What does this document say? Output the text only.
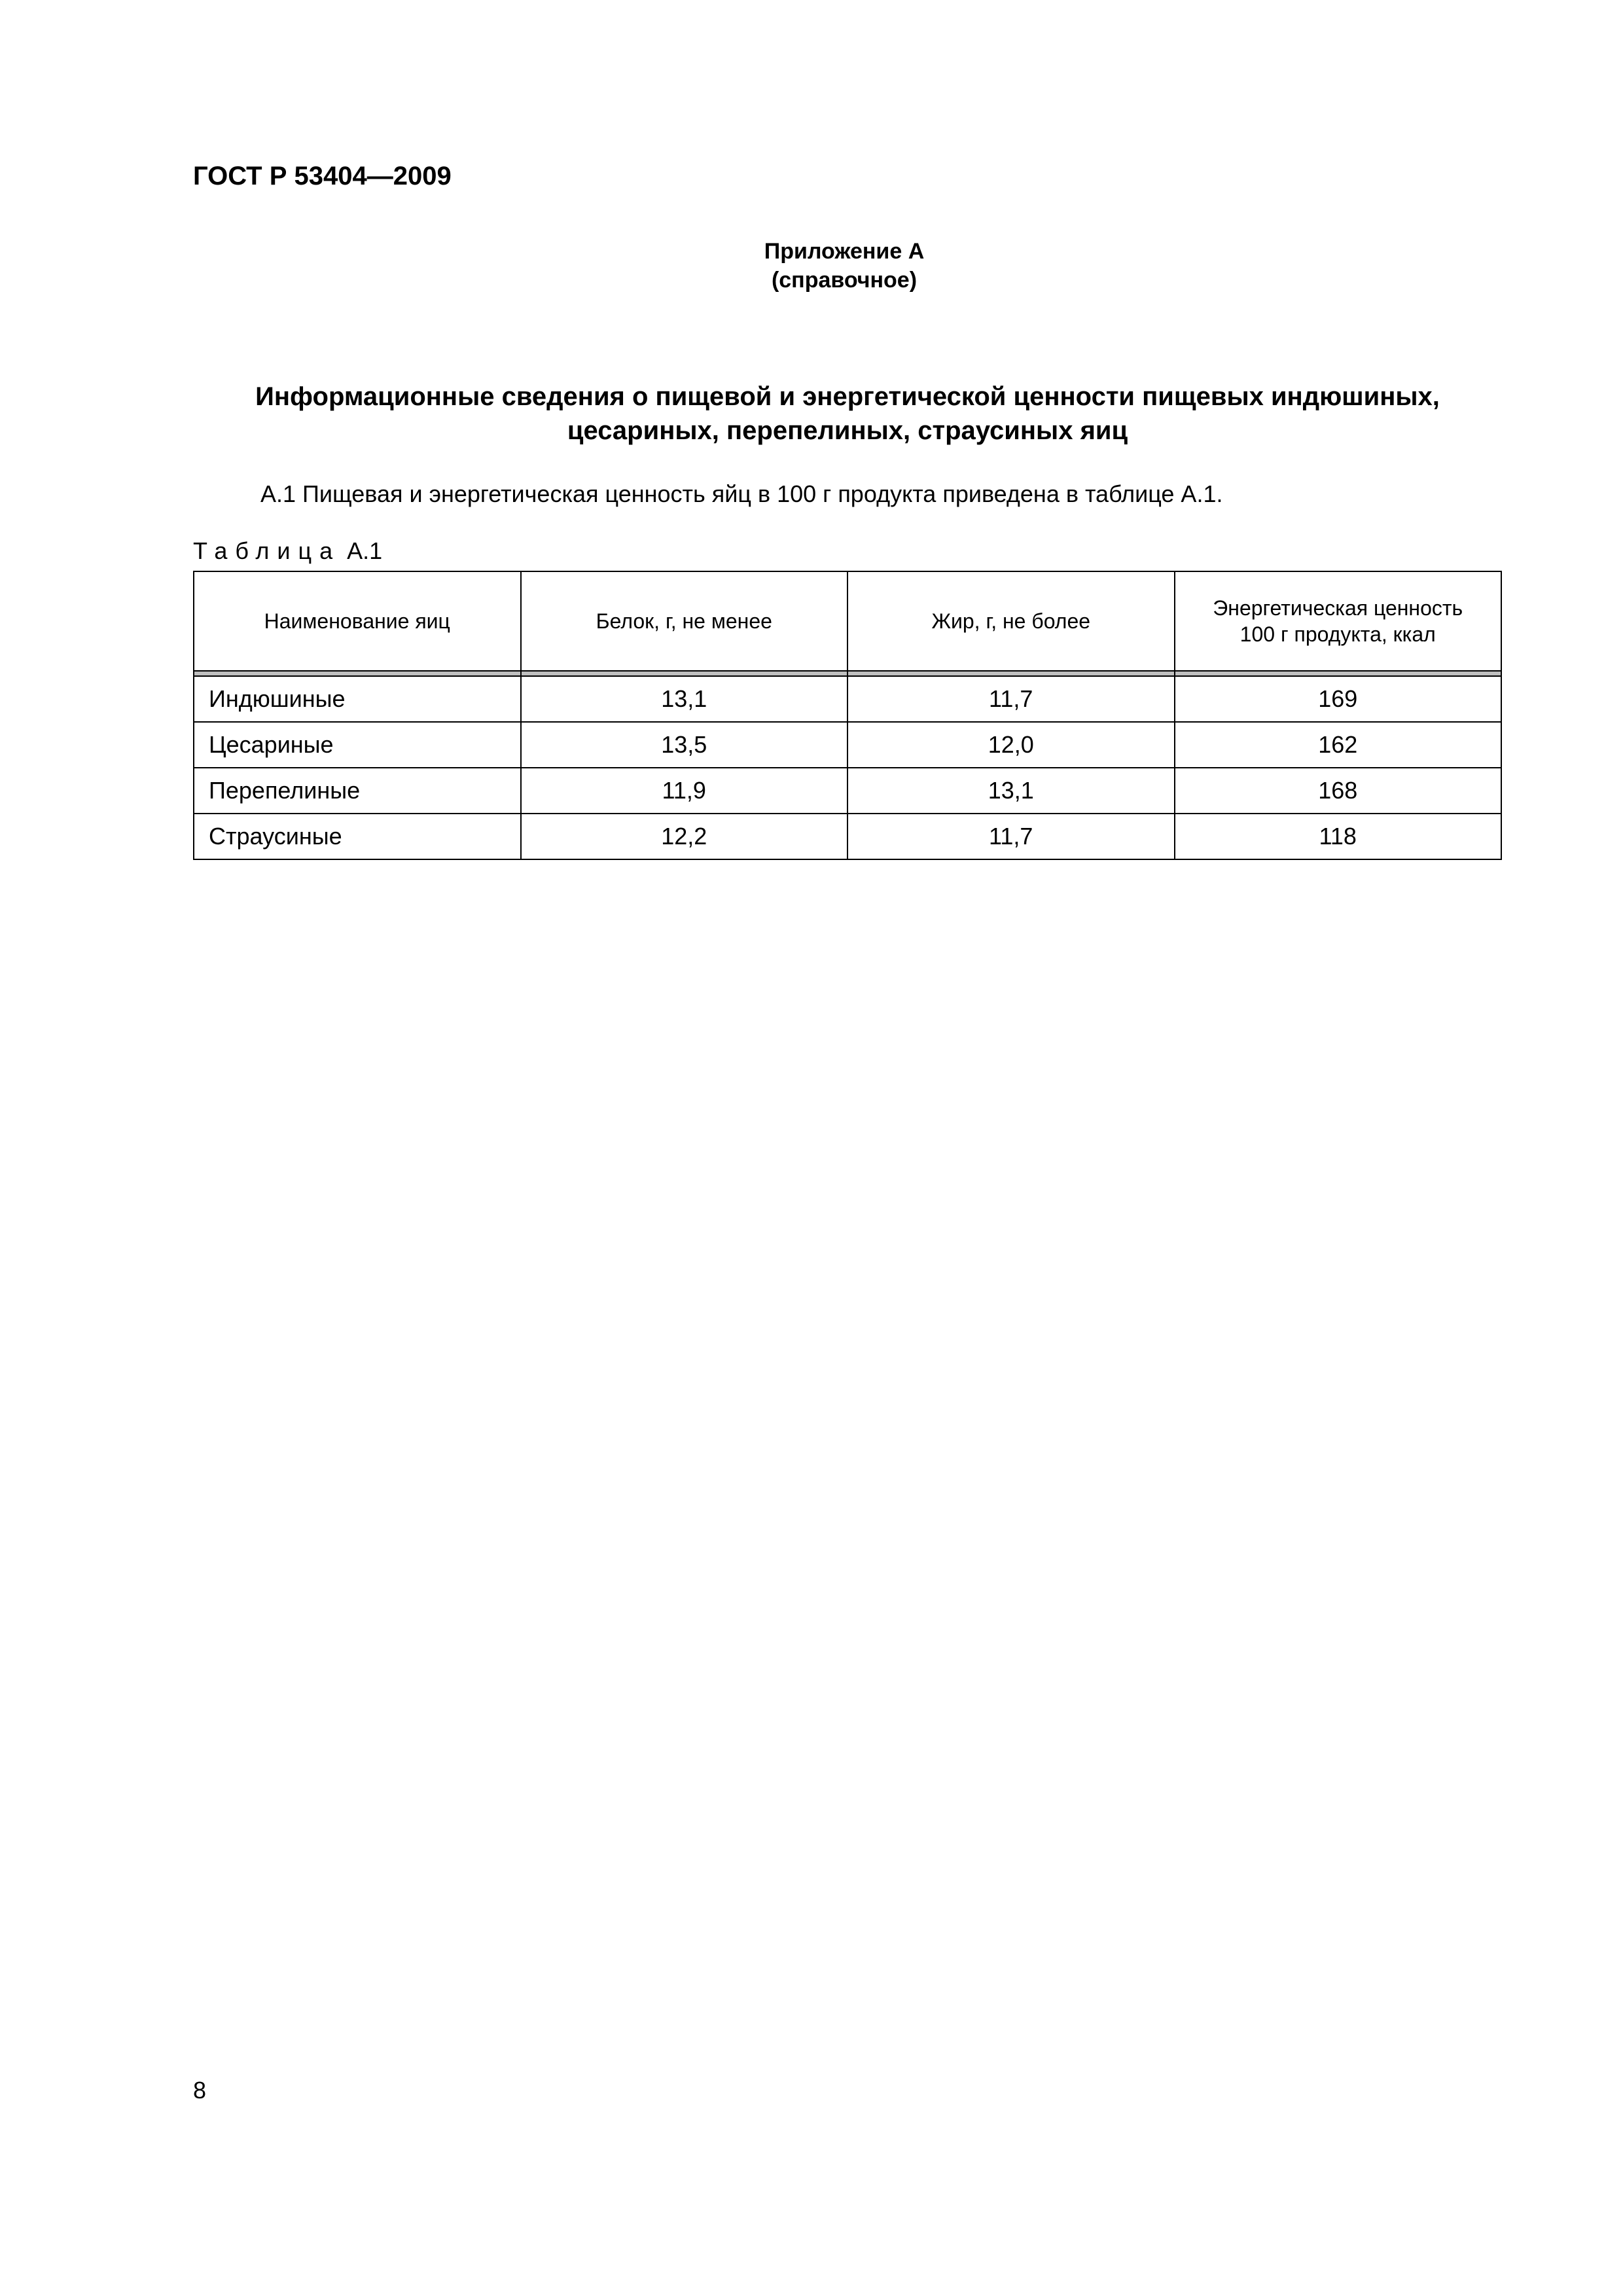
ГОСТ Р 53404—2009
Приложение А
(справочное)
Информационные сведения о пищевой и энергетической ценности пищевых индюшиных,
цесариных, перепелиных, страусиных яиц
А.1 Пищевая и энергетическая ценность яйц в 100 г продукта приведена в таблице А.1.
Таблица А.1
Наименование яиц	Белок, г, не менее	Жир, г, не более	Энергетическая ценность 100 г продукта, ккал

Индюшиные	13,1	11,7	169
Цесариные	13,5	12,0	162
Перепелиные	11,9	13,1	168
Страусиные	12,2	11,7	118
8
